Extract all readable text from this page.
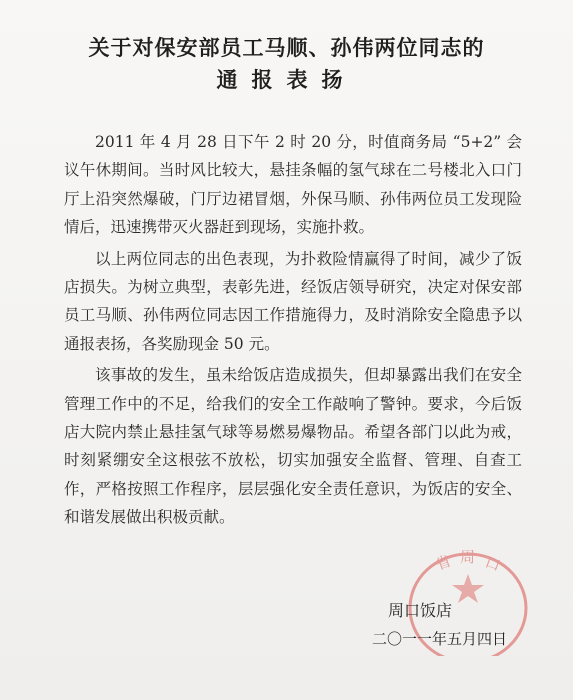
关于对保安部员工马顺、孙伟两位同志的
通报表扬

2011 年 4 月 28 日下午 2 时 20 分，时值商务局 “5+2” 会议午休期间。当时风比较大，悬挂条幅的氢气球在二号楼北入口门厅上沿突然爆破，门厅边裙冒烟，外保马顺、孙伟两位员工发现险情后，迅速携带灭火器赶到现场，实施扑救。

以上两位同志的出色表现，为扑救险情赢得了时间，减少了饭店损失。为树立典型，表彰先进，经饭店领导研究，决定对保安部员工马顺、孙伟两位同志因工作措施得力，及时消除安全隐患予以通报表扬，各奖励现金 50 元。

该事故的发生，虽未给饭店造成损失，但却暴露出我们在安全管理工作中的不足，给我们的安全工作敲响了警钟。要求，今后饭店大院内禁止悬挂氢气球等易燃易爆物品。希望各部门以此为戒，时刻紧绷安全这根弦不放松，切实加强安全监督、管理、自查工作，严格按照工作程序，层层强化安全责任意识，为饭店的安全、和谐发展做出积极贡献。

省 周 口
周口饭店
二〇一一年五月四日
